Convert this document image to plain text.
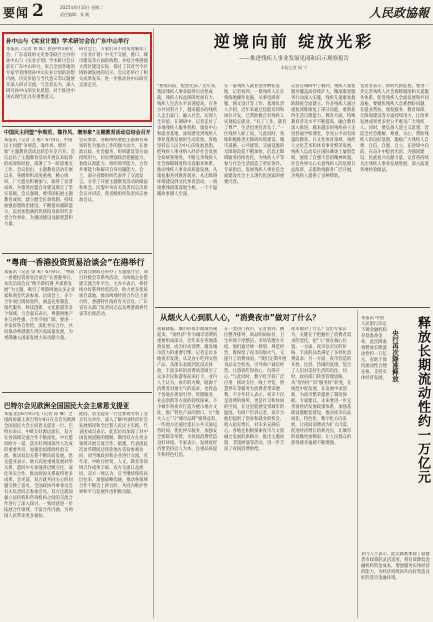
要闻 2	2025年6月10日 星期二
责任编辑：张 帆	人民政協報
孙中山与《实业计划》学术研讨会在广东中山举行
本报讯（记者 黄 晖）由孙中山研究会、广东省政协文史委等联合主办的孙中山与《实业计划》学术研讨会日前在广东中山举行。来自全国各地的专家学者围绕孙中山实业计划的思想内涵、历史价值与当代意义等议题展开深入研讨交流，与会者认为，深入研究孙中山的实业思想，对于推进中国式现代化具有重要意义。
研讨会上，专家们从不同角度解读了《实业计划》中关于交通、港口、城市建设等方面的构想，并结合粤港澳大湾区建设实际，探讨了其对当今区域协调发展的启示。会议还举行了相关成果发布，进一步推动孙中山研究走深走实。
中国民主同盟“争规范、靠作风、增形象”主题教育活动总结会召开
本报讯（记者 王 惠）6月9日，中国民主同盟“争规范、靠作风、增形象”主题教育活动总结会在京召开。会议总结了主题教育活动开展以来取得的成效和经验，部署了下一阶段重点工作。会议指出，主题教育活动开展以来，各级组织高度重视，精心组织，广大盟员积极参与，取得了显著成效，为推进民盟自身建设奠定了坚实基础。会议强调，要巩固拓展主题教育成果，建立健全长效机制，持续加强思想政治建设，不断提高履职能力，以更加饱满的热情投身新时代多党合作事业，为强国建设贡献智慧和力量。
会议要求，各级组织要把主题教育成果转化为推动工作的强大动力，在参政议政、社会服务、组织建设等方面持续用力，切实增强政治把握能力、参政议政能力、组织领导能力、合作共事能力和解决自身问题能力。会上，部分省级组织代表作了交流发言，分享了开展主题教育活动的做法和体会。民盟中央有关负责同志出席会议并讲话，各省级组织负责同志参加会议。
“粤商一香港投资贸易洽谈会”在港举行
本报讯（记者 梁 爽）6月9日，“粤商一香港投资贸易洽谈会”在香港举行。本次洽谈会以“携手新机遇 共谋新发展”为主题，吸引了粤港两地众多企业家和商会代表参加。洽谈会上，多个合作项目现场签约，涵盖先进制造、现代服务、科技创新、文化旅游等多个领域。与会嘉宾表示，粤港两地产业互补性强，合作空间广阔，要进一步发挥各自优势，深化务实合作，共同推动粤港澳大湾区高质量发展，为香港融入国家发展大局贡献力量。
洽谈会期间还举办了专题推介会、项目对接会等系列活动，为两地企业搭建交流合作平台。主办方表示，将持续办好系列经贸活动，助力更多优质项目落地，推动两地经贸合作迈上新台阶。香港特区政府有关官员、广东省有关部门负责同志以及粤港商界代表等出席活动。
巴特尔会见欧洲全国国民大会主席恩戈提亚
本报北京6月9日电（记者 孙 琳）全国政协副主席巴特尔9日在京会见欧洲全国国民大会主席恩戈提亚一行。巴特尔表示，中欧友好源远流长，双方在各领域交流合作不断深化。中方愿同欧方一道，落实好两国领导人达成的重要共识，加强治国理政经验交流，推动双边关系不断向前发展。恩戈提亚表示，欧方高度重视发展对华关系，愿同中方加强各层级交往，深化务实合作，推动两国关系取得更多成果。会见前，双方就共同关心的问题交换了意见。全国政协外事委员会有关负责同志参加会见。双方还就加强立法机构和咨询机构之间的交流合作进行了深入探讨，一致同意进一步拓展合作领域，丰富合作内涵，为两国人民带来更多福祉。
此间，恩戈提亚一行还参观考察了北京有关单位，深入了解中国经济社会发展情况和全过程人民民主实践。代表团成员表示，此次访问加深了对中国发展道路的理解，期待双方在更多领域开展交流合作。据悉，代表团此次访华期间还将赴地方省份参观访问，同当地政府和企业进行交流。近年来，中欧在经贸、人文、教育等领域合作成果丰硕，双方交流日益密切。双方一致认为，应当继续保持高层往来，加强战略沟通，推动各领域合作不断迈上新台阶，共同为维护世界和平与发展作出积极贡献。
逆境向前 绽放光彩
——推进残疾人事业发展见闻和启示观察报告
本报记者 杨 宁
“逆境向前，绽放光彩。”近年来，我国残疾人事业取得历史性成就，残疾人权益保障更加有力，残疾人生活水平显著提高。在各方共同努力下，越来越多的残疾人走出家门、融入社会，实现人生价值。在调研中，记者走访了多地残疾人服务机构、康复中心和就业基地，深切感受到残疾人事业蓬勃发展的生动景象。各地坚持以人民为中心的发展思想，把残疾人事业纳入经济社会发展全局统筹推进，不断完善残疾人社会保障制度和关爱服务体系，推动残疾人事业高质量发展。从康复服务到教育就业，从无障碍环境建设到文化体育活动，一项项惠残政策落地生根，一个个温暖故事感人至深。
在一家残疾人就业创业孵化基地，记者看到，一批残疾人正在熟练地操作电脑，从事电商客服、图文设计等工作。基地负责人介绍，近年来通过技能培训和岗位开发，已帮助数百名残疾人实现稳定就业。“有了工作，就有了尊严，生活也更有奔头了。”一位残疾人职工说。与此同时，各地积极推进无障碍环境建设，城市道路、公共建筑、交通设施的无障碍改造不断加快，信息无障碍服务持续优化，为残疾人平等参与社会生活创造了更好条件。专家指出，发展残疾人事业是全面建设社会主义现代化国家的重要内容。
记者在调研中了解到，残疾人康复服务覆盖面持续扩大，精准康复服务行动深入实施，残疾儿童康复救助制度全面建立。许多残疾人通过康复训练恢复了部分功能，重新获得生活自理能力。教育方面，特殊教育普及水平不断提高，融合教育深入推进，越来越多的残疾孩子走进普通学校课堂，享受公平而有质量的教育。在文化体育领域，残疾人文化艺术和体育事业繁荣发展，残疾人运动员在国际赛场上屡创佳绩，展现了自强不息的精神风貌。社会各界关心关爱残疾人的氛围日益浓厚，志愿助残服务广泛开展，为残疾人提供了多种帮助。
受访者表示，新时代新征程，要进一步完善残疾人社会保障制度和关爱服务体系，促进残疾人全面发展和共同富裕。要聚焦残疾人急难愁盼问题，在就业帮扶、康复服务、教育保障、无障碍建设等方面持续用力，让改革发展成果更多更公平惠及广大残疾人。同时，要弘扬人道主义思想，营造全社会理解、尊重、关心、帮助残疾人的良好氛围，激励广大残疾人自尊、自信、自强、自立，在逆境中向前，在奋斗中绽放光彩，为强国建设、民族复兴贡献力量。记者将持续关注残疾人事业发展进展，深入报道各地经验做法。
从烟火人心到肌人心，“消费夜市”做对了什么？
夜幕降临，城市的夜市渐渐热闹起来。“夜经济”作为城市消费的重要组成部分，近年来在各地蓬勃发展，成为拉动消费、激发城市活力的重要引擎。记者走访多地夜市发现，从美食小吃到文创产品，从街头表演到沉浸式体验，丰富多样的消费场景吸引了众多市民和游客前来打卡。业内人士认为，夜市的火爆，既源于消费者对烟火气的追求，也得益于各地在规划引导、管理服务、业态创新等方面的持续探索。不少城市将夜市打造为展示地方文化、推广特色产品的窗口，让“烟火人心”与“城市品牌”相得益彰。一些地方还通过延长公共交通运营时间、优化停车服务、加强安全保障等举措，为夜间消费营造良好环境。专家表示，发展夜经济要坚持以人为本，注重品质提升和特色打造。
在一处热门夜市，记者看到，摊位整齐排列，商品明码标价，卫生环境干净整洁。市场管理方介绍，他们通过统一规划、规范经营，既保留了夜市的烟火气，又提升了消费体验。“我们定期开展食品安全检查，引导商户诚信经营，让游客吃得放心、玩得开心。”与此同时，数字化手段广泛应用，移动支付、线上导览、智慧停车等服务为消费者带来便利。不少年轻人表示，夜市不仅是消费的场所，更是社交和休闲的空间，在这里能感受到城市的温度。有商户告诉记者，夜市为他们提供了创业和就业的机会，收入稳定增长，对未来充满信心。各地还积极探索夜市与文旅融合发展的新路径，推出主题夜游、非遗展演等活动，进一步丰富了夜间消费供给。
夜市做对了什么？受访专家认为，关键在于把握住了消费者需求的变化，把“人”放在核心位置。一方面，夜市以亲民的价格、丰富的品类满足了多样化消费需求；另一方面，夜市营造的开放、包容、热闹的氛围，契合了人们对美好生活的向往。同时，政府部门转变管理思路，从“管得住”向“服务好”转变，在规范中促发展，在发展中求创新，为夜市繁荣提供了制度保障。专家建议，未来要进一步完善夜经济发展政策体系，加强基础设施配套建设，推动夜市向品质化、特色化、数字化方向发展，让夜间消费成为扩大内需、促进经济增长的新亮点，让城市的夜晚更加精彩，让人民群众的获得感幸福感不断增强。	释放长期流动性约一万亿元
央行再次降准释放
本报讯 中国人民银行决定下调金融机构存款准备金率，此次降准将释放长期流动性约一万亿元，有助于保持流动性合理充裕，支持实体经济发展。
业内人士表示，此次降准体现了稳健货币政策的灵活适度，将有效降低金融机构资金成本，增强服务实体经济的能力，为经济持续回升向好营造良好的货币金融环境。
